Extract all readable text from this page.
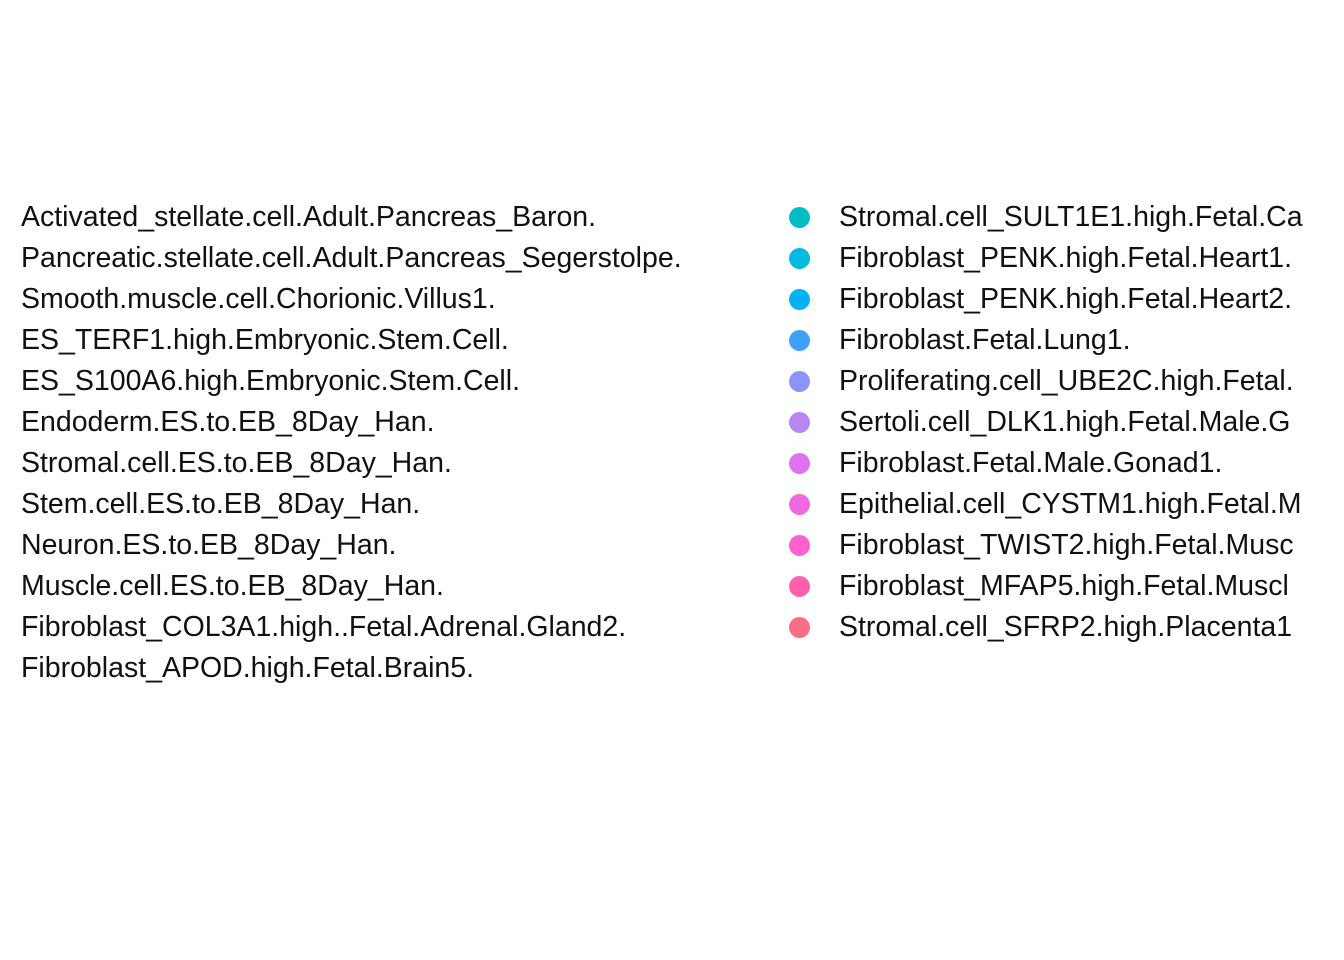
Activated_stellate.cell.Adult.Pancreas_Baron.
Pancreatic.stellate.cell.Adult.Pancreas_Segerstolpe.
Smooth.muscle.cell.Chorionic.Villus1.
ES_TERF1.high.Embryonic.Stem.Cell.
ES_S100A6.high.Embryonic.Stem.Cell.
Endoderm.ES.to.EB_8Day_Han.
Stromal.cell.ES.to.EB_8Day_Han.
Stem.cell.ES.to.EB_8Day_Han.
Neuron.ES.to.EB_8Day_Han.
Muscle.cell.ES.to.EB_8Day_Han.
Fibroblast_COL3A1.high..Fetal.Adrenal.Gland2.
Fibroblast_APOD.high.Fetal.Brain5.
Stromal.cell_SULT1E1.high.Fetal.Ca
Fibroblast_PENK.high.Fetal.Heart1.
Fibroblast_PENK.high.Fetal.Heart2.
Fibroblast.Fetal.Lung1.
Proliferating.cell_UBE2C.high.Fetal.
Sertoli.cell_DLK1.high.Fetal.Male.G
Fibroblast.Fetal.Male.Gonad1.
Epithelial.cell_CYSTM1.high.Fetal.M
Fibroblast_TWIST2.high.Fetal.Musc
Fibroblast_MFAP5.high.Fetal.Muscl
Stromal.cell_SFRP2.high.Placenta1
